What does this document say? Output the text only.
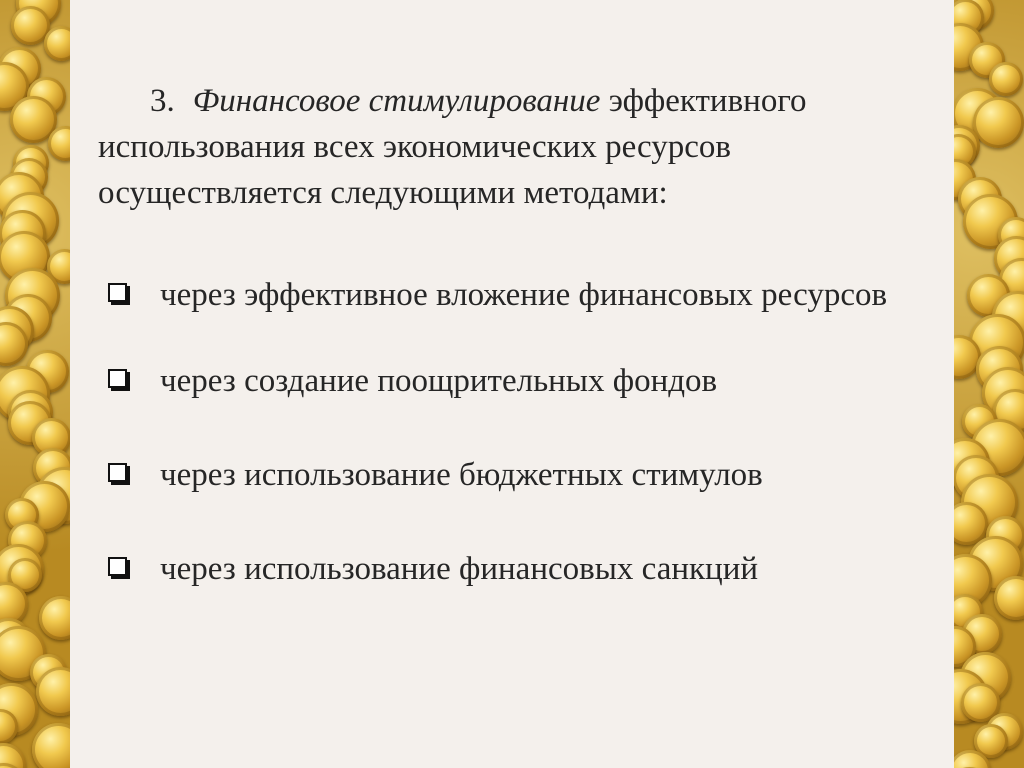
3. Финансовое стимулирование эффективного использования всех экономических ресурсов осуществляется следующими методами:

через эффективное вложение финансовых ресурсов
через создание поощрительных фондов
через использование бюджетных стимулов
через использование финансовых санкций
